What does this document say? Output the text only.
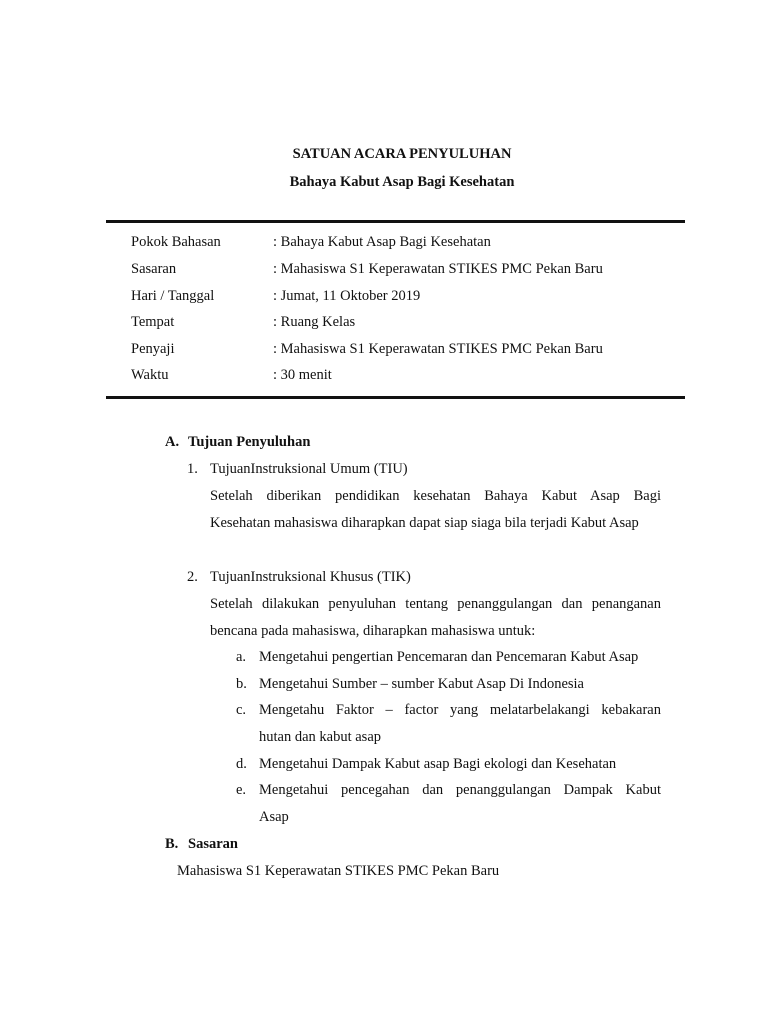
SATUAN ACARA PENYULUHAN
Bahaya Kabut Asap Bagi Kesehatan
Pokok Bahasan	: Bahaya Kabut Asap Bagi Kesehatan
Sasaran	: Mahasiswa S1 Keperawatan STIKES PMC Pekan Baru
Hari / Tanggal	: Jumat, 11 Oktober 2019
Tempat	: Ruang Kelas
Penyaji	: Mahasiswa S1 Keperawatan STIKES PMC Pekan Baru
Waktu	: 30 menit
A. Tujuan Penyuluhan
1. TujuanInstruksional Umum (TIU)
Setelah diberikan pendidikan kesehatan Bahaya Kabut Asap Bagi
Kesehatan mahasiswa diharapkan dapat siap siaga bila terjadi Kabut Asap
2. TujuanInstruksional Khusus (TIK)
Setelah dilakukan penyuluhan tentang penanggulangan dan penanganan
bencana pada mahasiswa, diharapkan mahasiswa untuk:
a. Mengetahui pengertian Pencemaran dan Pencemaran Kabut Asap
b. Mengetahui Sumber – sumber Kabut Asap Di Indonesia
c. Mengetahu Faktor – factor yang melatarbelakangi kebakaran
hutan dan kabut asap
d. Mengetahui Dampak Kabut asap Bagi ekologi dan Kesehatan
e. Mengetahui pencegahan dan penanggulangan Dampak Kabut
Asap
B. Sasaran
Mahasiswa S1 Keperawatan STIKES PMC Pekan Baru
